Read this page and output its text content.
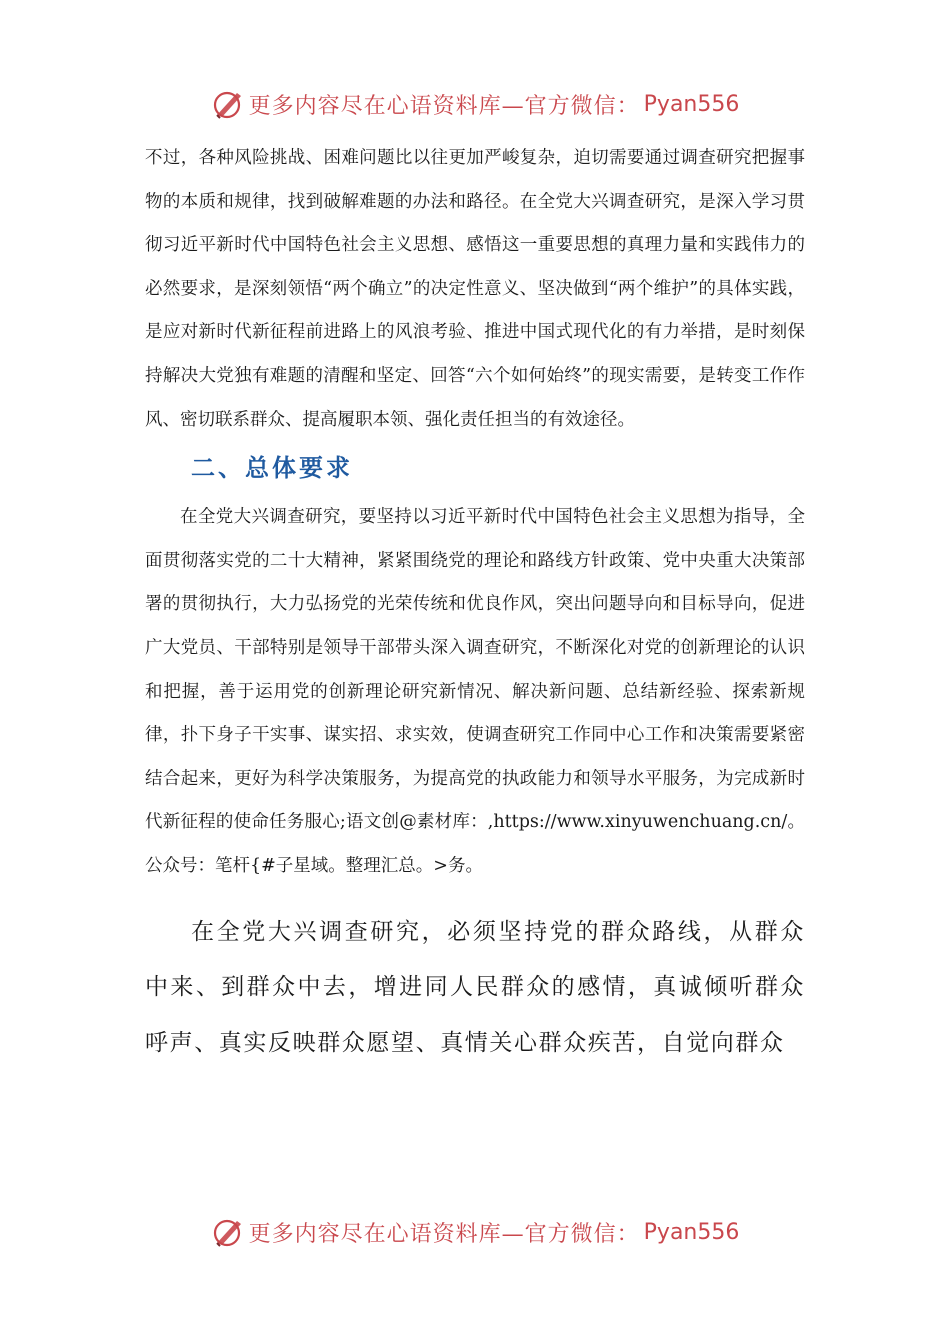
更多内容尽在心语资料库—官方微信： Pyan556

不过，各种风险挑战、困难问题比以往更加严峻复杂，迫切需要通过调查研究把握事物的本质和规律，找到破解难题的办法和路径。在全党大兴调查研究，是深入学习贯彻习近平新时代中国特色社会主义思想、感悟这一重要思想的真理力量和实践伟力的必然要求，是深刻领悟“两个确立”的决定性意义、坚决做到“两个维护”的具体实践，是应对新时代新征程前进路上的风浪考验、推进中国式现代化的有力举措，是时刻保持解决大党独有难题的清醒和坚定、回答“六个如何始终”的现实需要，是转变工作作风、密切联系群众、提高履职本领、强化责任担当的有效途径。

二、总体要求

在全党大兴调查研究，要坚持以习近平新时代中国特色社会主义思想为指导，全面贯彻落实党的二十大精神，紧紧围绕党的理论和路线方针政策、党中央重大决策部署的贯彻执行，大力弘扬党的光荣传统和优良作风，突出问题导向和目标导向，促进广大党员、干部特别是领导干部带头深入调查研究，不断深化对党的创新理论的认识和把握，善于运用党的创新理论研究新情况、解决新问题、总结新经验、探索新规律，扑下身子干实事、谋实招、求实效，使调查研究工作同中心工作和决策需要紧密结合起来，更好为科学决策服务，为提高党的执政能力和领导水平服务，为完成新时代新征程的使命任务服心;语文创@素材库：,https://www.xinyuwenchuang.cn/。公众号：笔杆{#子星域。整理汇总。>务。

在全党大兴调查研究，必须坚持党的群众路线，从群众中来、到群众中去，增进同人民群众的感情，真诚倾听群众呼声、真实反映群众愿望、真情关心群众疾苦，自觉向群众

更多内容尽在心语资料库—官方微信： Pyan556
